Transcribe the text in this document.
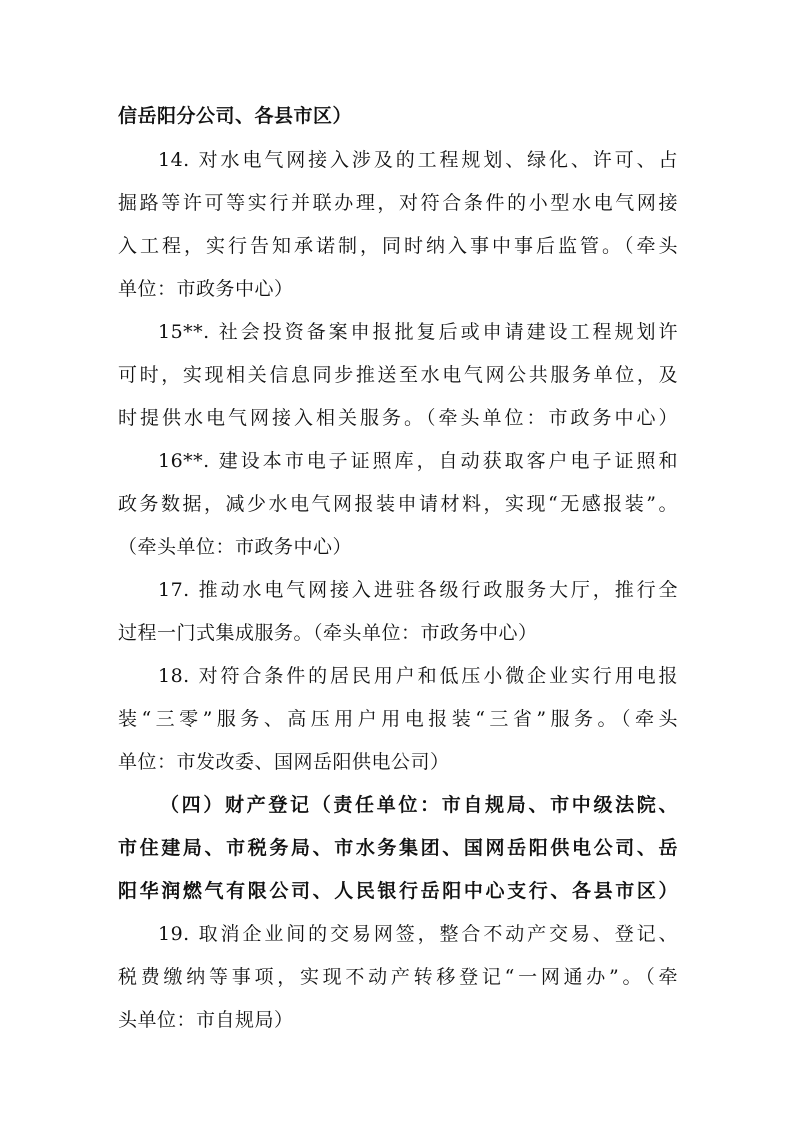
信岳阳分公司、各县市区）
14. 对水电气网接入涉及的工程规划、绿化、许可、占
掘路等许可等实行并联办理，对符合条件的小型水电气网接
入工程，实行告知承诺制，同时纳入事中事后监管。（牵头
单位：市政务中心）
15**. 社会投资备案申报批复后或申请建设工程规划许
可时，实现相关信息同步推送至水电气网公共服务单位，及
时提供水电气网接入相关服务。（牵头单位：市政务中心）
16**. 建设本市电子证照库，自动获取客户电子证照和
政务数据，减少水电气网报装申请材料，实现“无感报装”。
（牵头单位：市政务中心）
17. 推动水电气网接入进驻各级行政服务大厅，推行全
过程一门式集成服务。（牵头单位：市政务中心）
18. 对符合条件的居民用户和低压小微企业实行用电报
装“三零”服务、高压用户用电报装“三省”服务。（牵头
单位：市发改委、国网岳阳供电公司）
（四）财产登记（责任单位：市自规局、市中级法院、
市住建局、市税务局、市水务集团、国网岳阳供电公司、岳
阳华润燃气有限公司、人民银行岳阳中心支行、各县市区）
19. 取消企业间的交易网签，整合不动产交易、登记、
税费缴纳等事项，实现不动产转移登记“一网通办”。（牵
头单位：市自规局）
